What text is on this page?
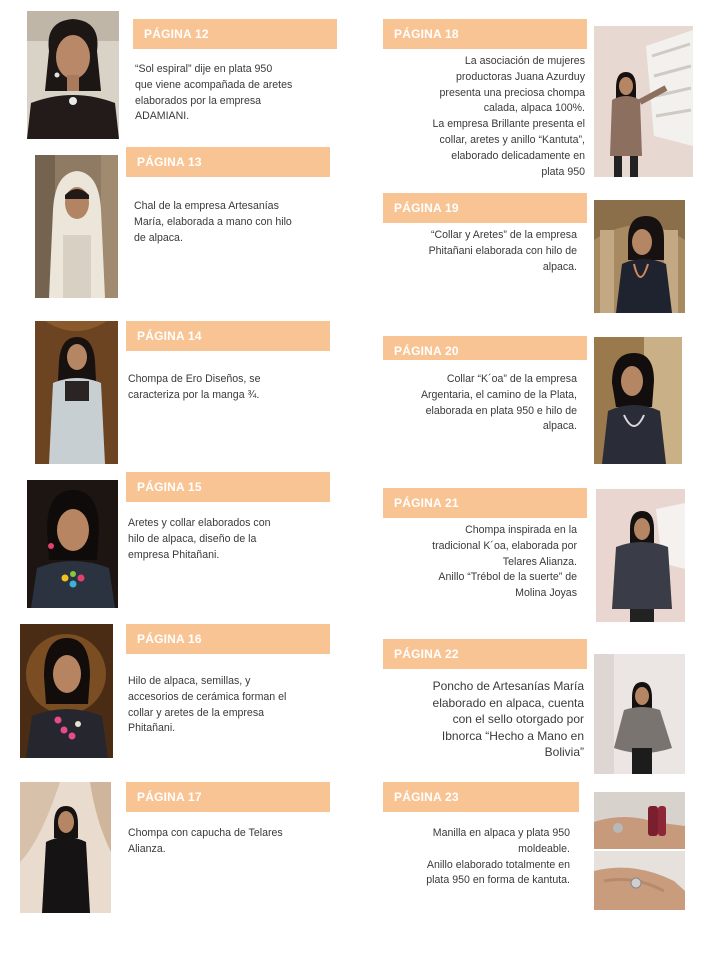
PÁGINA 12
“Sol espiral” dije en plata 950
que viene acompañada de aretes
elaborados por la empresa
ADAMIANI.
PÁGINA 13
Chal de la empresa Artesanías
María, elaborada a mano con hilo
de alpaca.
PÁGINA 14
Chompa de Ero Diseños, se
caracteriza por la manga ¾.
PÁGINA 15
Aretes y collar elaborados con
hilo de alpaca, diseño de la
empresa Phitañani.
PÁGINA 16
Hilo de alpaca, semillas, y
accesorios de cerámica forman el
collar y aretes de la empresa
Phitañani.
PÁGINA 17
Chompa con capucha de Telares
Alianza.
PÁGINA 18
La asociación de mujeres
productoras Juana Azurduy
presenta una preciosa chompa
calada, alpaca 100%.
La empresa Brillante presenta el
collar, aretes y anillo “Kantuta”,
elaborado delicadamente en
plata 950
PÁGINA 19
“Collar y Aretes” de la empresa
Phitañani elaborada con hilo de
alpaca.
PÁGINA 20
Collar “K´oa” de la empresa
Argentaria, el camino de la Plata,
elaborada en plata 950 e hilo de
alpaca.
PÁGINA 21
Chompa inspirada en la
tradicional K´oa, elaborada por
Telares Alianza.
Anillo “Trébol de la suerte” de
Molina Joyas
PÁGINA 22
Poncho de Artesanías María
elaborado en alpaca, cuenta
con el sello otorgado por
Ibnorca “Hecho a Mano en
Bolivia”
PÁGINA 23
Manilla en alpaca y plata 950
moldeable.
Anillo elaborado totalmente en
plata 950 en forma de kantuta.
